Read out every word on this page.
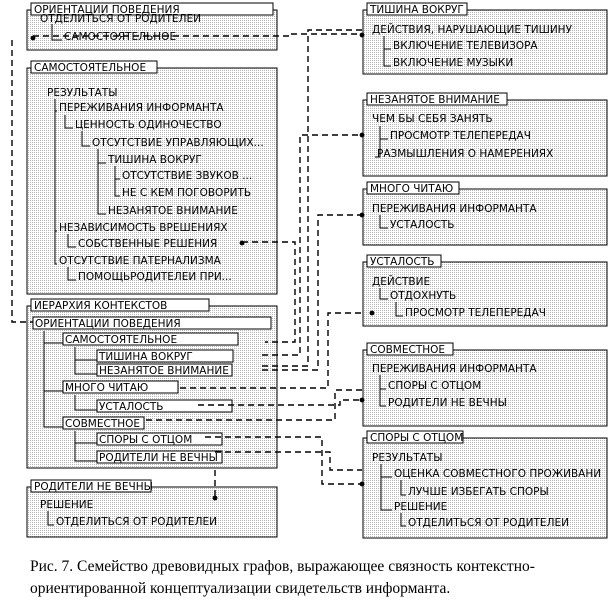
ОРИЕНТАЦИИ ПОВЕДЕНИЯ
ОТДЕЛИТЬСЯ ОТ РОДИТЕЛЕИ
САМОСТОЯТЕЛЬНОЕ
САМОСТОЯТЕЛЬНОЕ
РЕЗУЛЬТАТЫ
ПЕРЕЖИВАНИЯ ИНФОРМАНТА
ЦЕННОСТЬ ОДИНОЧЕСТВО
ОТСУТСТВИЕ УПРАВЛЯЮЩИХ...
ТИШИНА ВОКРУГ
ОТСУТСТВИЕ ЗВУКОВ ...
НЕ С КЕМ ПОГОВОРИТЬ
НЕЗАНЯТОЕ ВНИМАНИЕ
НЕЗАВИСИМОСТЬ ВРЕШЕНИЯХ
СОБСТВЕННЫЕ РЕШЕНИЯ
ОТСУТСТВИЕ ПАТЕРНАЛИЗМА
ПОМОЩЬРОДИТЕЛЕИ ПРИ...
ИЕРАРХИЯ КОНТЕКСТОВ
ОРИЕНТАЦИИ ПОВЕДЕНИЯ
САМОСТОЯТЕЛЬНОЕ
ТИШИНА ВОКРУГ
НЕЗАНЯТОЕ ВНИМАНИЕ
МНОГО ЧИТАЮ
УСТАЛОСТЬ
СОВМЕСТНОЕ
СПОРЫ С ОТЦОМ
РОДИТЕЛИ НЕ ВЕЧНЫ
РОДИТЕЛИ НЕ ВЕЧНЫ
РЕШЕНИЕ
ОТДЕЛИТЬСЯ ОТ РОДИТЕЛЕИ
ТИШИНА ВОКРУГ
ДЕЙСТВИЯ, НАРУШАЮЩИЕ ТИШИНУ
ВКЛЮЧЕНИЕ ТЕЛЕВИЗОРА
ВКЛЮЧЕНИЕ МУЗЫКИ
НЕЗАНЯТОЕ ВНИМАНИЕ
ЧЕМ БЫ СЕБЯ ЗАНЯТЬ
ПРОСМОТР ТЕЛЕПЕРЕДАЧ
РАЗМЫШЛЕНИЯ О НАМЕРЕНИЯХ
МНОГО ЧИТАЮ
ПЕРЕЖИВАНИЯ ИНФОРМАНТА
УСТАЛОСТЬ
УСТАЛОСТЬ
ДЕЙСТВИЕ
ОТДОХНУТЬ
ПРОСМОТР ТЕЛЕПЕРЕДАЧ
СОВМЕСТНОЕ
ПЕРЕЖИВАНИЯ ИНФОРМАНТА
СПОРЫ С ОТЦОМ
РОДИТЕЛИ НЕ ВЕЧНЫ
СПОРЫ С ОТЦОМ
РЕЗУЛЬТАТЫ
ОЦЕНКА СОВМЕСТНОГО ПРОЖИВАНИ
ЛУЧШЕ ИЗБЕГАТЬ СПОРЫ
РЕШЕНИЕ
ОТДЕЛИТЬСЯ ОТ РОДИТЕЛЕИ
Рис. 7. Семейство древовидных графов, выражающее связность контекстно-
ориентированной концептуализации свидетельств информанта.
